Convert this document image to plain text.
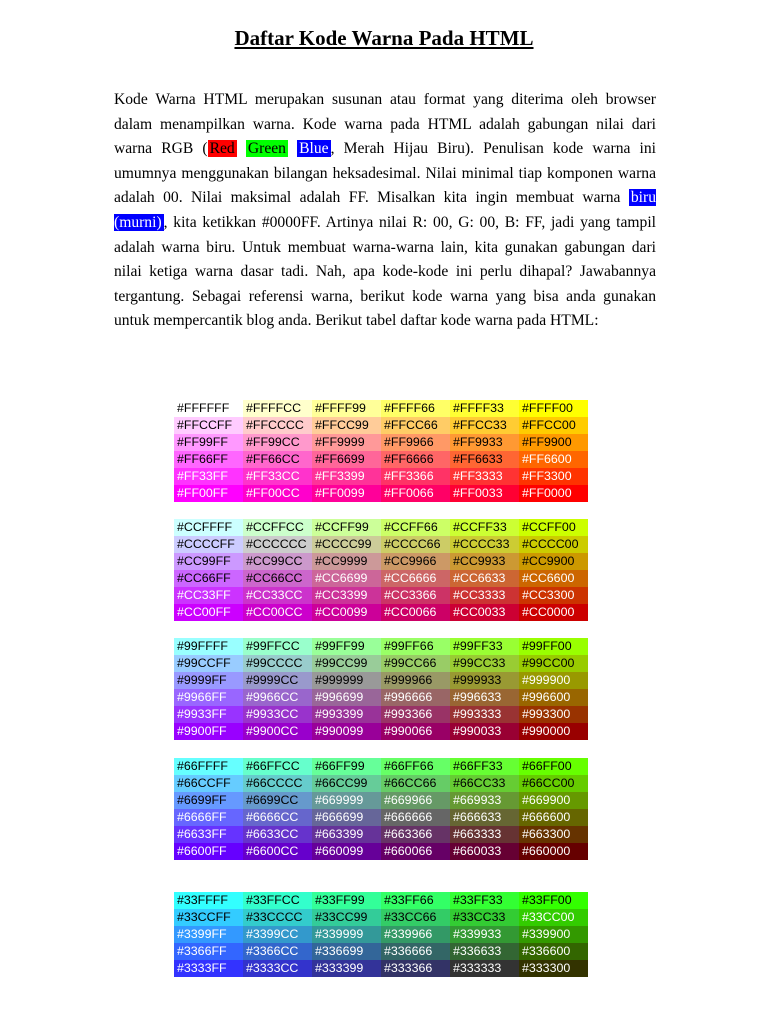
Daftar Kode Warna Pada HTML
Kode Warna HTML merupakan susunan atau format yang diterima oleh browser dalam menampilkan warna. Kode warna pada HTML adalah gabungan nilai dari warna RGB ( Red Green Blue , Merah Hijau Biru). Penulisan kode warna ini umumnya menggunakan bilangan heksadesimal. Nilai minimal tiap komponen warna adalah 00. Nilai maksimal adalah FF. Misalkan kita ingin membuat warna biru (murni) , kita ketikkan #0000FF. Artinya nilai R: 00, G: 00, B: FF, jadi yang tampil adalah warna biru. Untuk membuat warna-warna lain, kita gunakan gabungan dari nilai ketiga warna dasar tadi. Nah, apa kode-kode ini perlu dihapal? Jawabannya tergantung. Sebagai referensi warna, berikut kode warna yang bisa anda gunakan untuk mempercantik blog anda. Berikut tabel daftar kode warna pada HTML:
#FFFFFF	#FFFFCC	#FFFF99	#FFFF66	#FFFF33	#FFFF00
#FFCCFF	#FFCCCC	#FFCC99	#FFCC66	#FFCC33	#FFCC00
#FF99FF	#FF99CC	#FF9999	#FF9966	#FF9933	#FF9900
#FF66FF	#FF66CC	#FF6699	#FF6666	#FF6633	#FF6600
#FF33FF	#FF33CC	#FF3399	#FF3366	#FF3333	#FF3300
#FF00FF	#FF00CC	#FF0099	#FF0066	#FF0033	#FF0000
#CCFFFF	#CCFFCC	#CCFF99	#CCFF66	#CCFF33	#CCFF00
#CCCCFF	#CCCCCC	#CCCC99	#CCCC66	#CCCC33	#CCCC00
#CC99FF	#CC99CC	#CC9999	#CC9966	#CC9933	#CC9900
#CC66FF	#CC66CC	#CC6699	#CC6666	#CC6633	#CC6600
#CC33FF	#CC33CC	#CC3399	#CC3366	#CC3333	#CC3300
#CC00FF	#CC00CC	#CC0099	#CC0066	#CC0033	#CC0000
#99FFFF	#99FFCC	#99FF99	#99FF66	#99FF33	#99FF00
#99CCFF	#99CCCC	#99CC99	#99CC66	#99CC33	#99CC00
#9999FF	#9999CC	#999999	#999966	#999933	#999900
#9966FF	#9966CC	#996699	#996666	#996633	#996600
#9933FF	#9933CC	#993399	#993366	#993333	#993300
#9900FF	#9900CC	#990099	#990066	#990033	#990000
#66FFFF	#66FFCC	#66FF99	#66FF66	#66FF33	#66FF00
#66CCFF	#66CCCC	#66CC99	#66CC66	#66CC33	#66CC00
#6699FF	#6699CC	#669999	#669966	#669933	#669900
#6666FF	#6666CC	#666699	#666666	#666633	#666600
#6633FF	#6633CC	#663399	#663366	#663333	#663300
#6600FF	#6600CC	#660099	#660066	#660033	#660000
#33FFFF	#33FFCC	#33FF99	#33FF66	#33FF33	#33FF00
#33CCFF	#33CCCC	#33CC99	#33CC66	#33CC33	#33CC00
#3399FF	#3399CC	#339999	#339966	#339933	#339900
#3366FF	#3366CC	#336699	#336666	#336633	#336600
#3333FF	#3333CC	#333399	#333366	#333333	#333300
